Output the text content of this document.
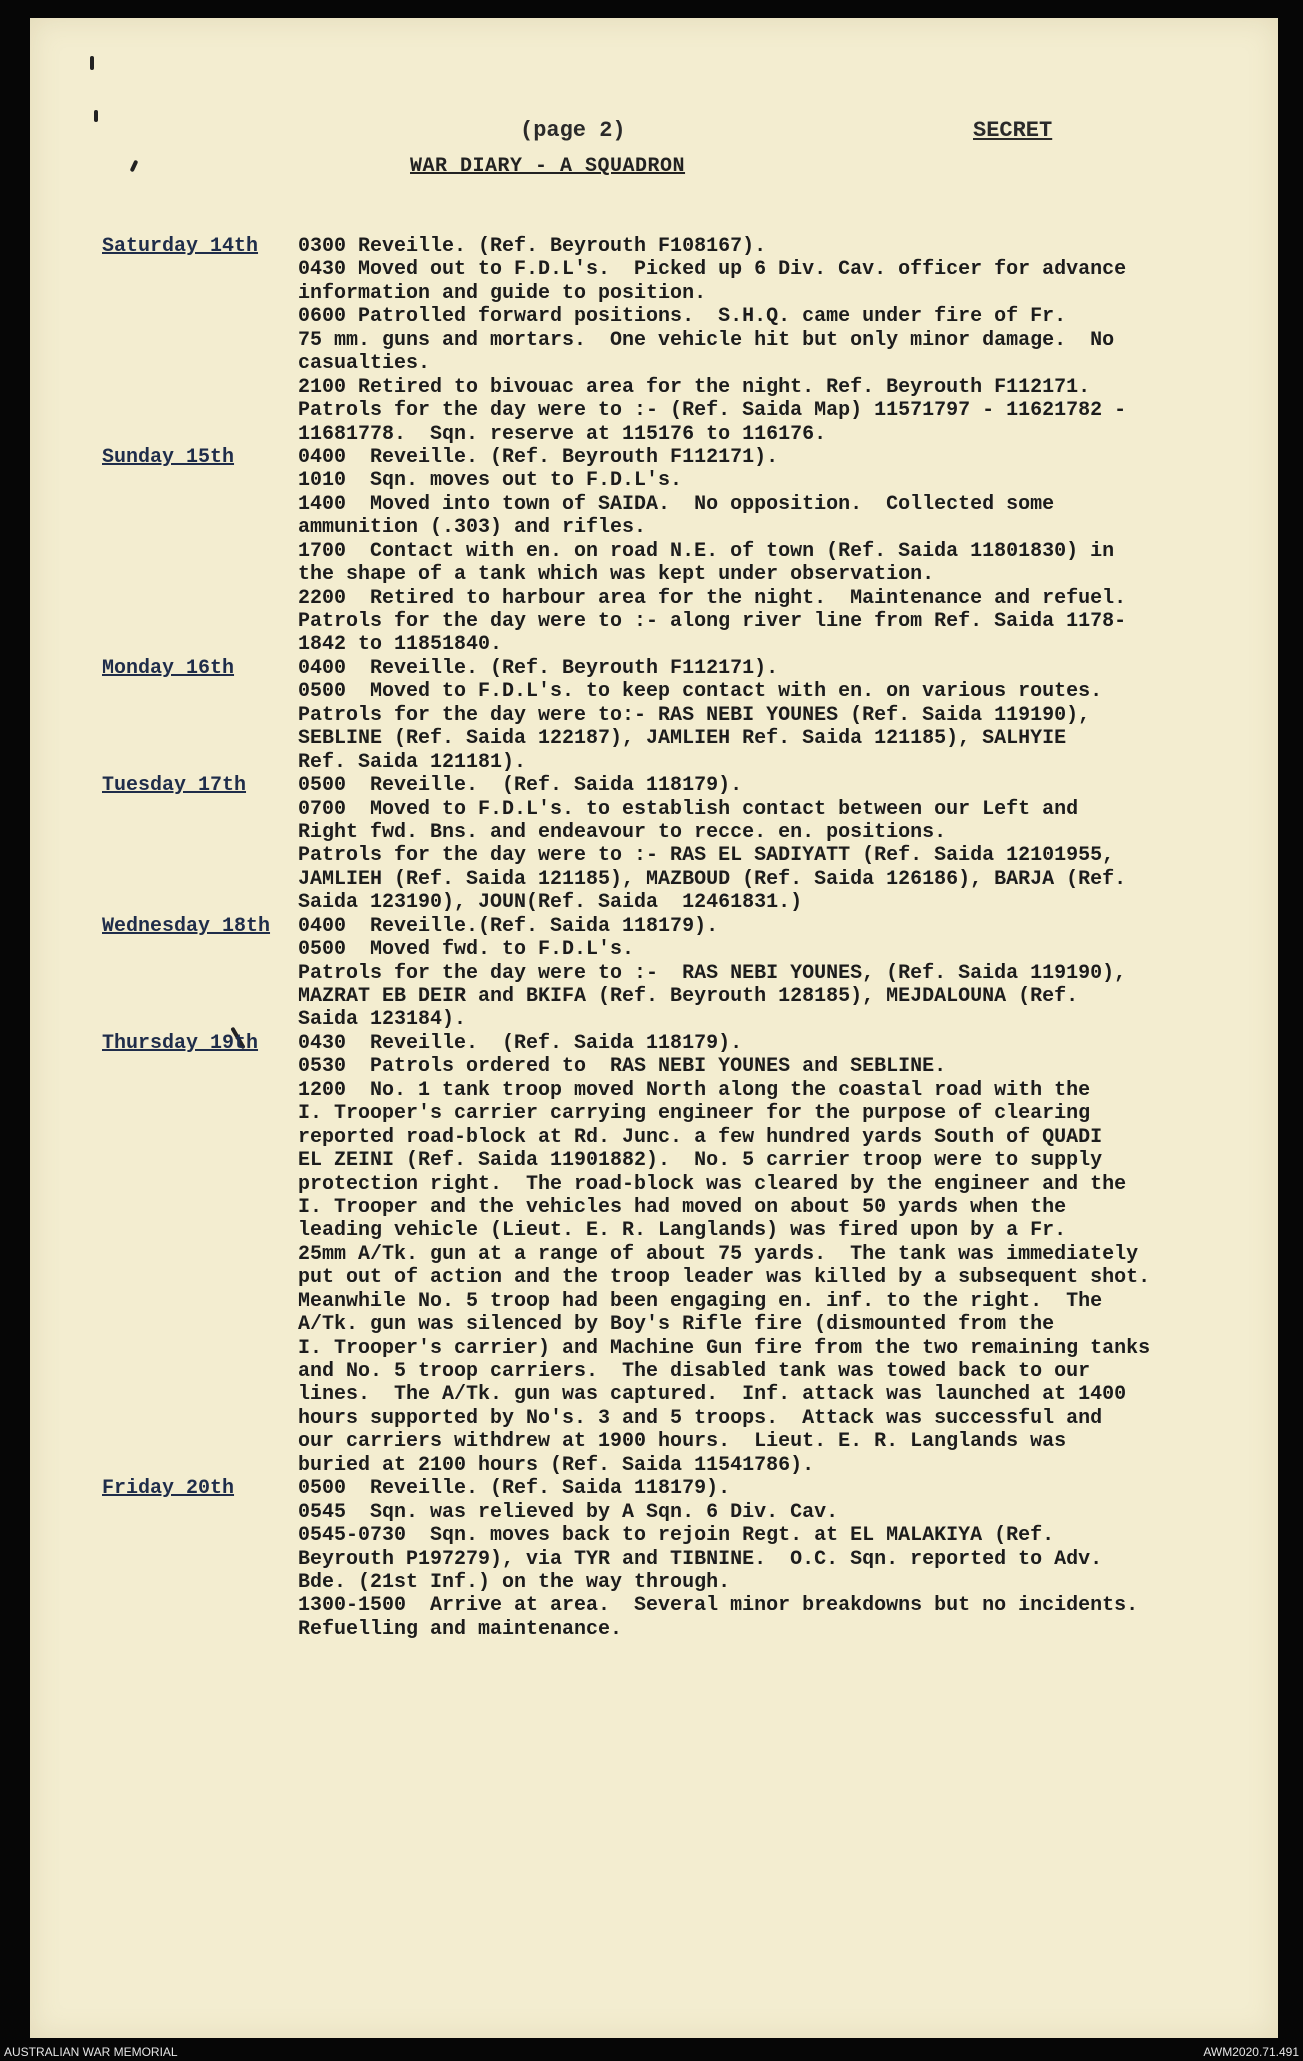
(page 2)	SECRET
WAR DIARY - A SQUADRON
Saturday 14th	0300 Reveille. (Ref. Beyrouth F108167).
0430 Moved out to F.D.L's.  Picked up 6 Div. Cav. officer for advance
information and guide to position.
0600 Patrolled forward positions.  S.H.Q. came under fire of Fr.
75 mm. guns and mortars.  One vehicle hit but only minor damage.  No
casualties.
2100 Retired to bivouac area for the night. Ref. Beyrouth F112171.
Patrols for the day were to :- (Ref. Saida Map) 11571797 - 11621782 -
11681778.  Sqn. reserve at 115176 to 116176.
Sunday 15th	0400  Reveille. (Ref. Beyrouth F112171).
1010  Sqn. moves out to F.D.L's.
1400  Moved into town of SAIDA.  No opposition.  Collected some
ammunition (.303) and rifles.
1700  Contact with en. on road N.E. of town (Ref. Saida 11801830) in
the shape of a tank which was kept under observation.
2200  Retired to harbour area for the night.  Maintenance and refuel.
Patrols for the day were to :- along river line from Ref. Saida 1178-
1842 to 11851840.
Monday 16th	0400  Reveille. (Ref. Beyrouth F112171).
0500  Moved to F.D.L's. to keep contact with en. on various routes.
Patrols for the day were to:- RAS NEBI YOUNES (Ref. Saida 119190),
SEBLINE (Ref. Saida 122187), JAMLIEH Ref. Saida 121185), SALHYIE
Ref. Saida 121181).
Tuesday 17th	0500  Reveille.  (Ref. Saida 118179).
0700  Moved to F.D.L's. to establish contact between our Left and
Right fwd. Bns. and endeavour to recce. en. positions.
Patrols for the day were to :- RAS EL SADIYATT (Ref. Saida 12101955,
JAMLIEH (Ref. Saida 121185), MAZBOUD (Ref. Saida 126186), BARJA (Ref.
Saida 123190), JOUN(Ref. Saida  12461831.)
Wednesday 18th	0400  Reveille.(Ref. Saida 118179).
0500  Moved fwd. to F.D.L's.
Patrols for the day were to :-  RAS NEBI YOUNES, (Ref. Saida 119190),
MAZRAT EB DEIR and BKIFA (Ref. Beyrouth 128185), MEJDALOUNA (Ref.
Saida 123184).
Thursday 19th	0430  Reveille.  (Ref. Saida 118179).
0530  Patrols ordered to  RAS NEBI YOUNES and SEBLINE.
1200  No. 1 tank troop moved North along the coastal road with the
I. Trooper's carrier carrying engineer for the purpose of clearing
reported road-block at Rd. Junc. a few hundred yards South of QUADI
EL ZEINI (Ref. Saida 11901882).  No. 5 carrier troop were to supply
protection right.  The road-block was cleared by the engineer and the
I. Trooper and the vehicles had moved on about 50 yards when the
leading vehicle (Lieut. E. R. Langlands) was fired upon by a Fr.
25mm A/Tk. gun at a range of about 75 yards.  The tank was immediately
put out of action and the troop leader was killed by a subsequent shot.
Meanwhile No. 5 troop had been engaging en. inf. to the right.  The
A/Tk. gun was silenced by Boy's Rifle fire (dismounted from the
I. Trooper's carrier) and Machine Gun fire from the two remaining tanks
and No. 5 troop carriers.  The disabled tank was towed back to our
lines.  The A/Tk. gun was captured.  Inf. attack was launched at 1400
hours supported by No's. 3 and 5 troops.  Attack was successful and
our carriers withdrew at 1900 hours.  Lieut. E. R. Langlands was
buried at 2100 hours (Ref. Saida 11541786).
Friday 20th	0500  Reveille. (Ref. Saida 118179).
0545  Sqn. was relieved by A Sqn. 6 Div. Cav.
0545-0730  Sqn. moves back to rejoin Regt. at EL MALAKIYA (Ref.
Beyrouth P197279), via TYR and TIBNINE.  O.C. Sqn. reported to Adv.
Bde. (21st Inf.) on the way through.
1300-1500  Arrive at area.  Several minor breakdowns but no incidents.
Refuelling and maintenance.
AUSTRALIAN WAR MEMORIAL	AWM2020.71.491
